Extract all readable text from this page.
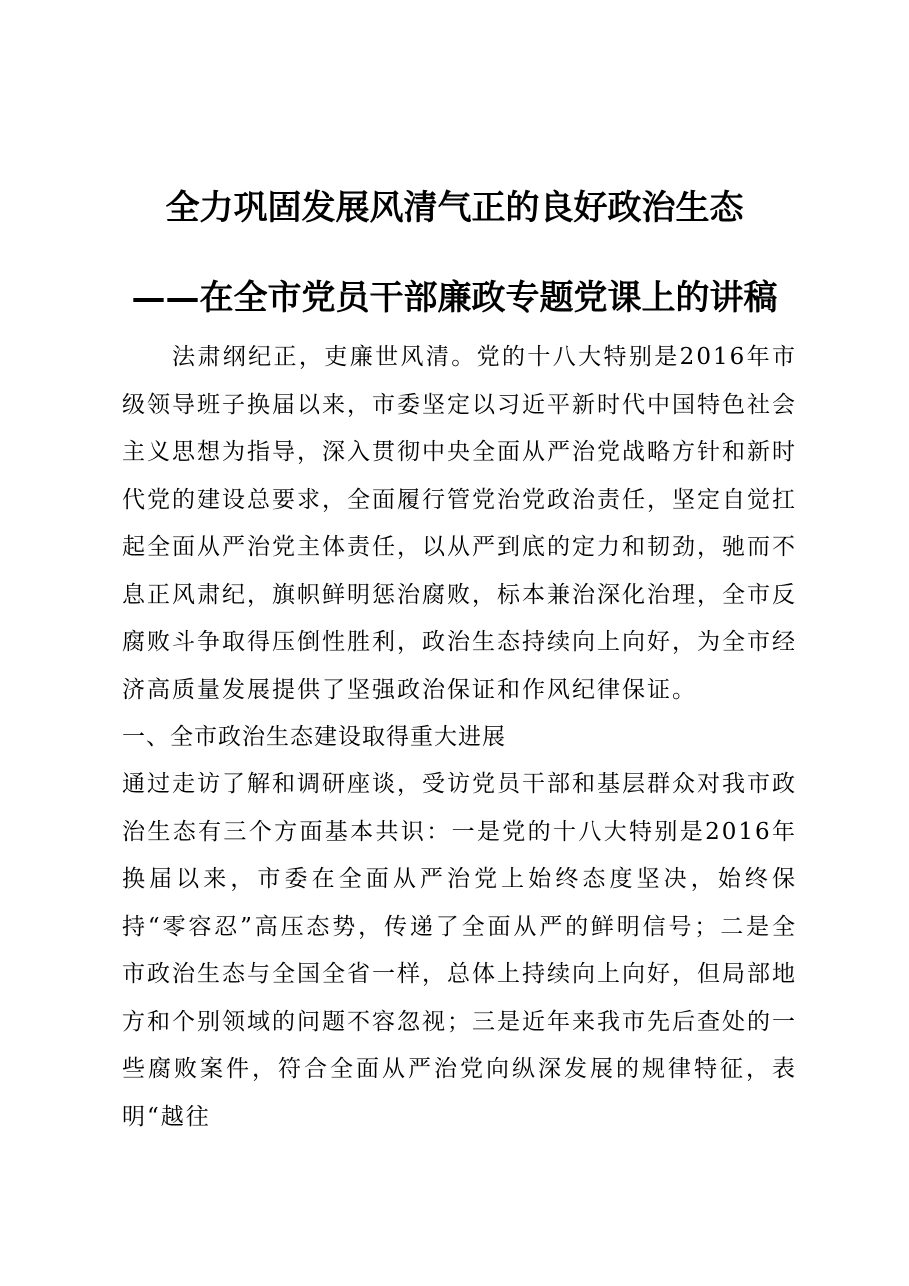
全力巩固发展风清气正的良好政治生态
——在全市党员干部廉政专题党课上的讲稿

法肃纲纪正，吏廉世风清。党的十八大特别是2016年市级领导班子换届以来，市委坚定以习近平新时代中国特色社会主义思想为指导，深入贯彻中央全面从严治党战略方针和新时代党的建设总要求，全面履行管党治党政治责任，坚定自觉扛起全面从严治党主体责任，以从严到底的定力和韧劲，驰而不息正风肃纪，旗帜鲜明惩治腐败，标本兼治深化治理，全市反腐败斗争取得压倒性胜利，政治生态持续向上向好，为全市经济高质量发展提供了坚强政治保证和作风纪律保证。

一、全市政治生态建设取得重大进展

通过走访了解和调研座谈，受访党员干部和基层群众对我市政治生态有三个方面基本共识：一是党的十八大特别是2016年换届以来，市委在全面从严治党上始终态度坚决，始终保持“零容忍”高压态势，传递了全面从严的鲜明信号；二是全市政治生态与全国全省一样，总体上持续向上向好，但局部地方和个别领域的问题不容忽视；三是近年来我市先后查处的一些腐败案件，符合全面从严治党向纵深发展的规律特征，表明“越往
